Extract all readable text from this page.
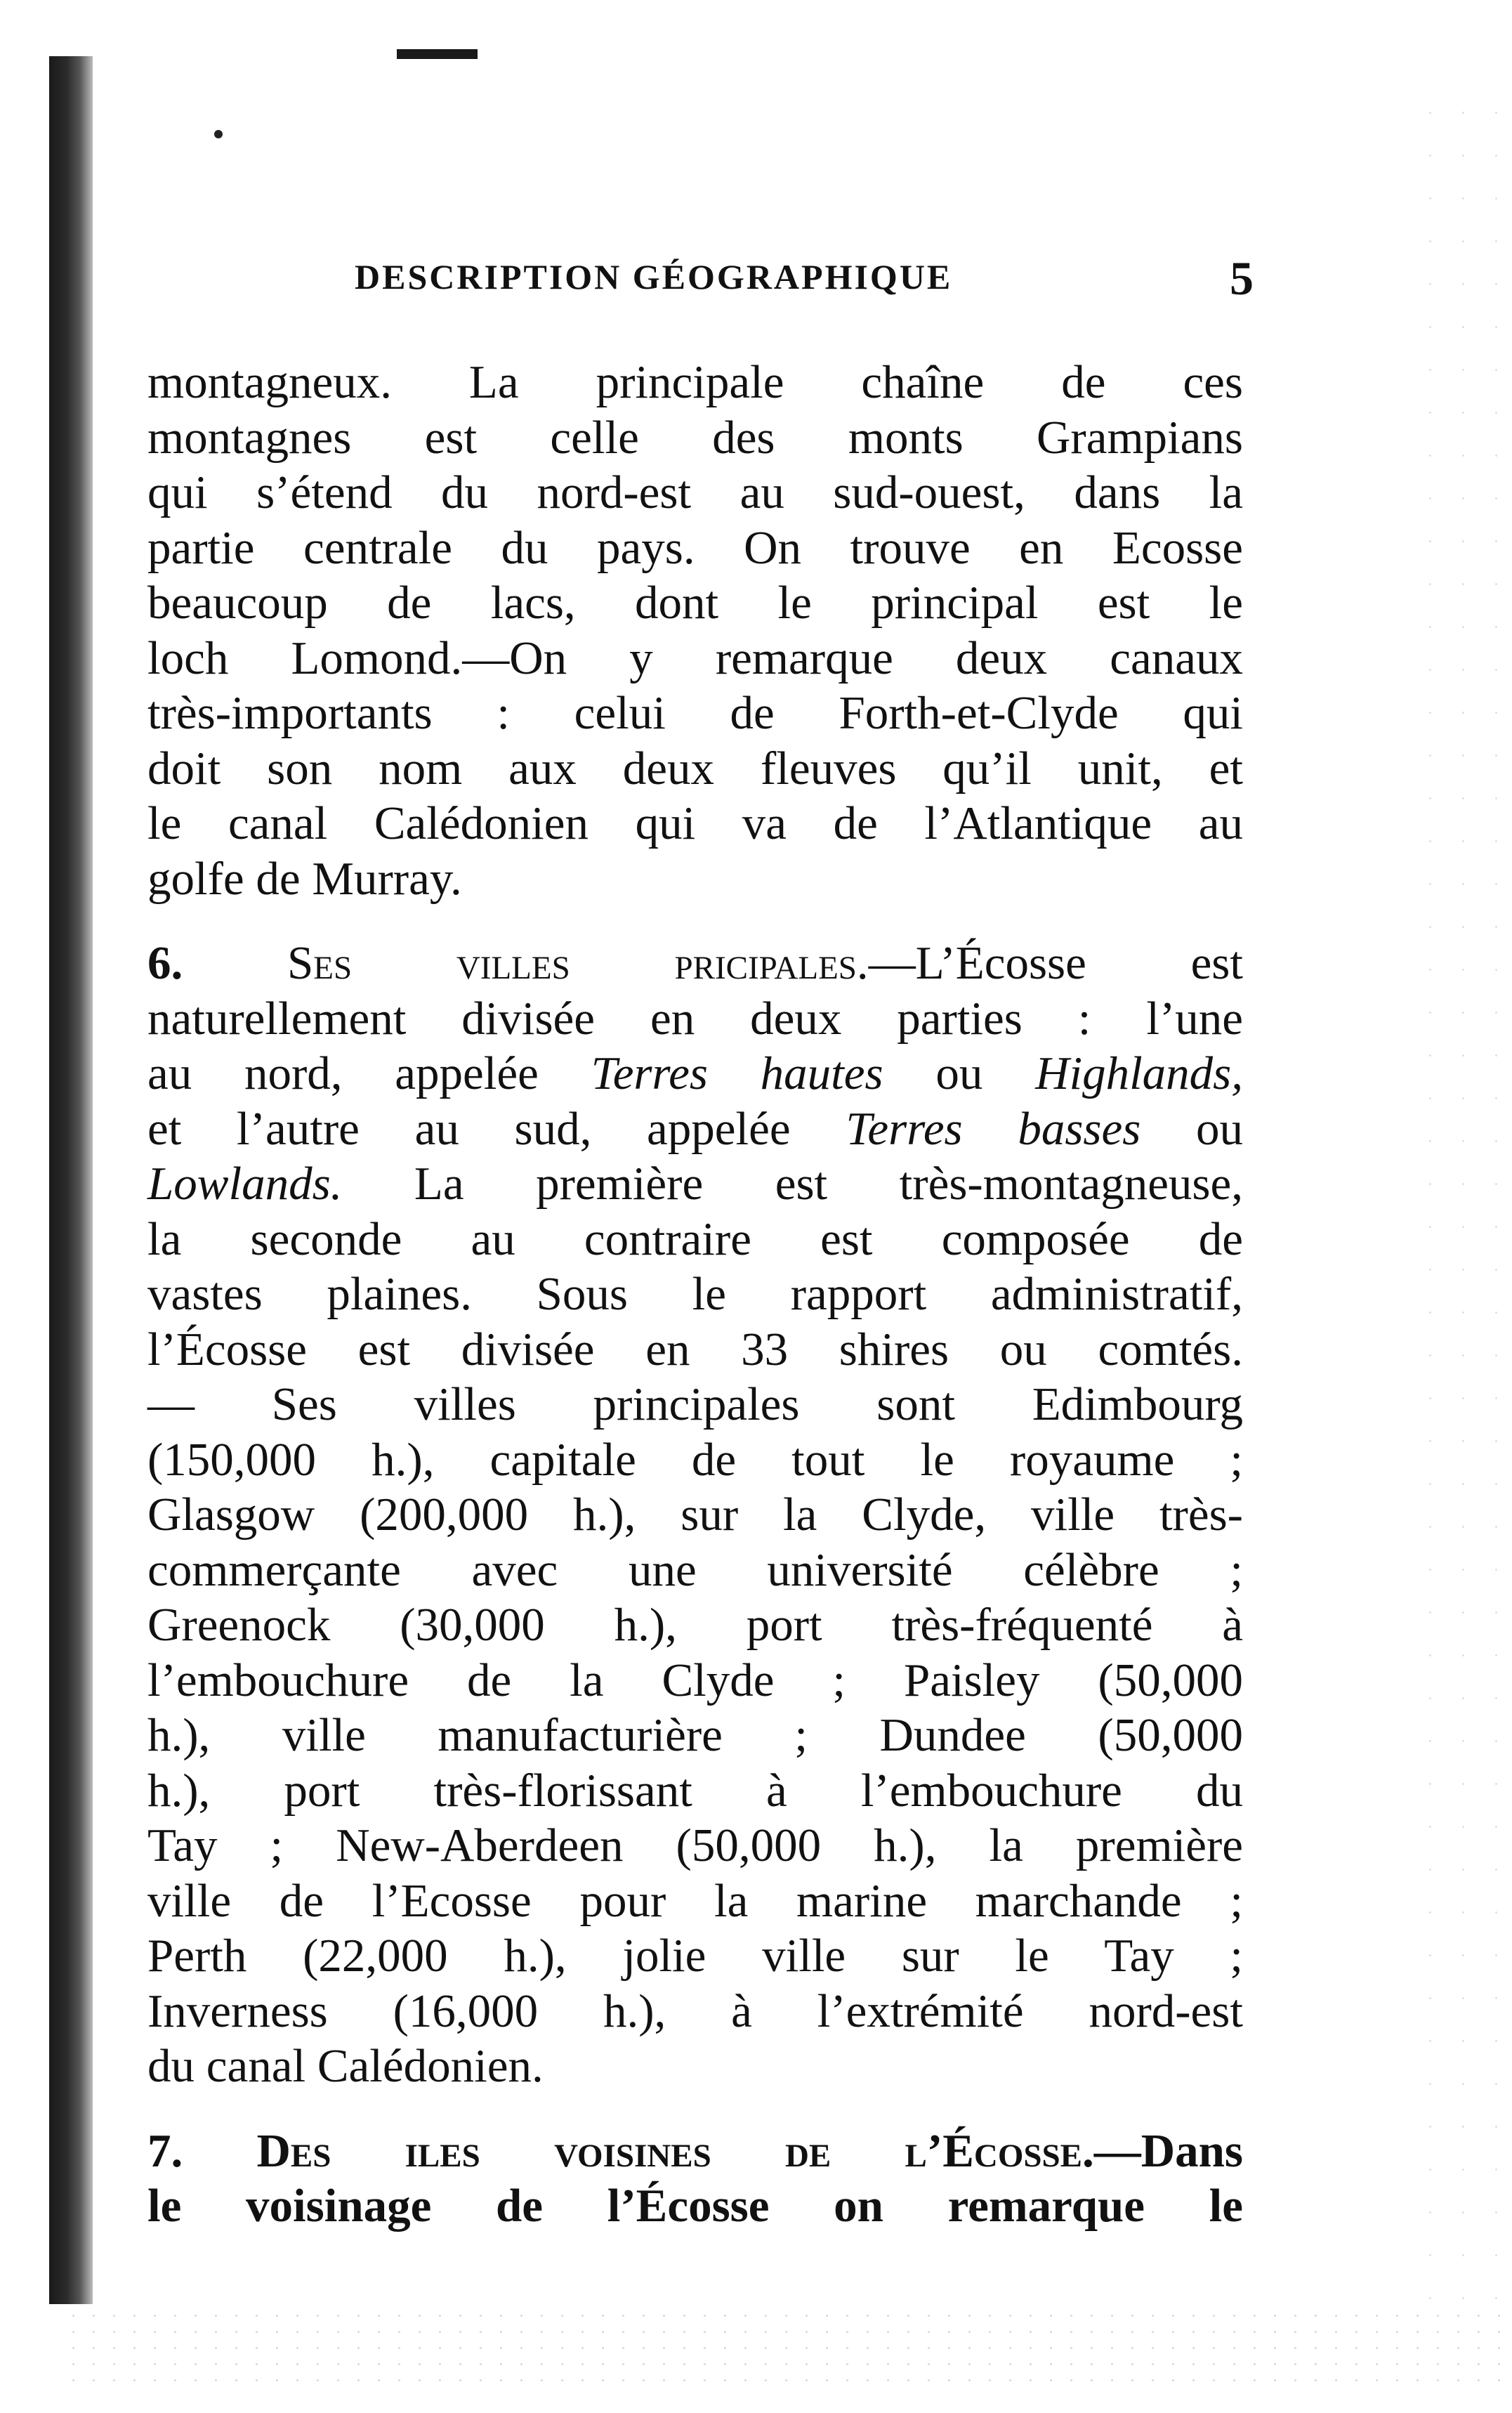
DESCRIPTION GÉOGRAPHIQUE	5
montagneux. La principale chaîne de ces
montagnes est celle des monts Grampians
qui s’étend du nord-est au sud-ouest, dans la
partie centrale du pays. On trouve en Ecosse
beaucoup de lacs, dont le principal est le
loch Lomond.—On y remarque deux canaux
très-importants : celui de Forth-et-Clyde qui
doit son nom aux deux fleuves qu’il unit, et
le canal Calédonien qui va de l’Atlantique au
golfe de Murray.
6. Ses villes pricipales.—L’Écosse est
naturellement divisée en deux parties : l’une
au nord, appelée Terres hautes ou Highlands,
et l’autre au sud, appelée Terres basses ou
Lowlands. La première est très-montagneuse,
la seconde au contraire est composée de
vastes plaines. Sous le rapport administratif,
l’Écosse est divisée en 33 shires ou comtés.
— Ses villes principales sont Edimbourg
(150,000 h.), capitale de tout le royaume ;
Glasgow (200,000 h.), sur la Clyde, ville très-
commerçante avec une université célèbre ;
Greenock (30,000 h.), port très-fréquenté à
l’embouchure de la Clyde ; Paisley (50,000
h.), ville manufacturière ; Dundee (50,000
h.), port très-florissant à l’embouchure du
Tay ; New-Aberdeen (50,000 h.), la première
ville de l’Ecosse pour la marine marchande ;
Perth (22,000 h.), jolie ville sur le Tay ;
Inverness (16,000 h.), à l’extrémité nord-est
du canal Calédonien.
7. Des iles voisines de l’Écosse.—Dans
le voisinage de l’Écosse on remarque le
